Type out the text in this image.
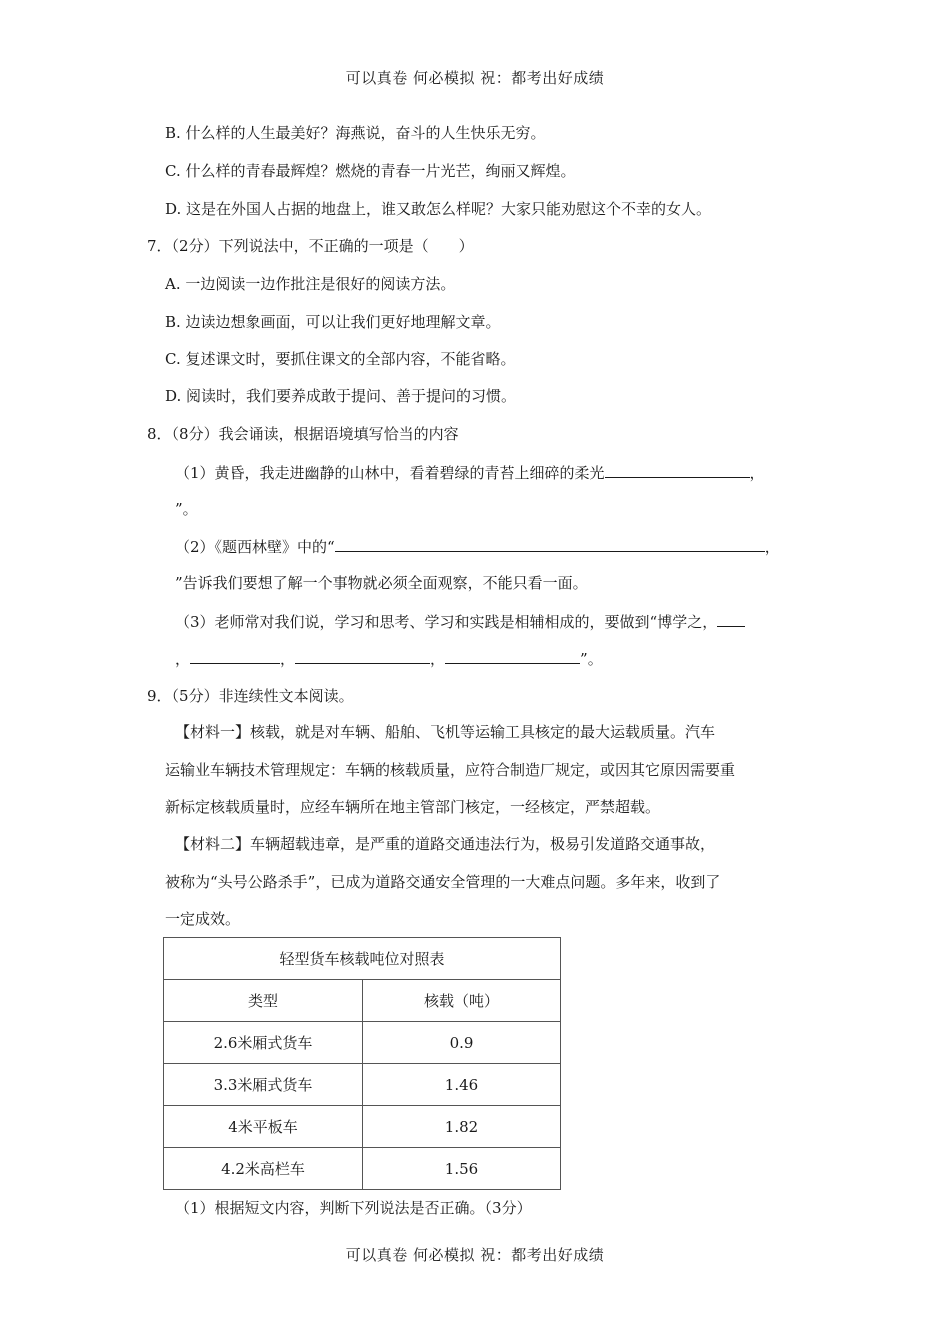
可以真卷 何必模拟 祝：都考出好成绩
B. 什么样的人生最美好？海燕说，奋斗的人生快乐无穷。
C. 什么样的青春最辉煌？燃烧的青春一片光芒，绚丽又辉煌。
D. 这是在外国人占据的地盘上，谁又敢怎么样呢？大家只能劝慰这个不幸的女人。
7．（2分）下列说法中，不正确的一项是（　　）
A. 一边阅读一边作批注是很好的阅读方法。
B. 边读边想象画面，可以让我们更好地理解文章。
C. 复述课文时，要抓住课文的全部内容，不能省略。
D. 阅读时，我们要养成敢于提问、善于提问的习惯。
8．（8分）我会诵读，根据语境填写恰当的内容
（1）黄昏，我走进幽静的山林中，看着碧绿的青苔上细碎的柔光	，
”。
（2）《题西林壁》中的“	，
”告诉我们要想了解一个事物就必须全面观察，不能只看一面。
（3）老师常对我们说，学习和思考、学习和实践是相辅相成的，要做到“博学之，
，	，	，	”。
9．（5分）非连续性文本阅读。
【材料一】核载，就是对车辆、船舶、飞机等运输工具核定的最大运载质量。汽车
运输业车辆技术管理规定：车辆的核载质量，应符合制造厂规定，或因其它原因需要重
新标定核载质量时，应经车辆所在地主管部门核定，一经核定，严禁超载。
【材料二】车辆超载违章，是严重的道路交通违法行为，极易引发道路交通事故，
被称为“头号公路杀手”，已成为道路交通安全管理的一大难点问题。多年来，收到了
一定成效。
轻型货车核载吨位对照表	
类型	核载（吨）
2.6米厢式货车	0.9
3.3米厢式货车	1.46
4米平板车	1.82
4.2米高栏车	1.56
（1）根据短文内容，判断下列说法是否正确。（3分）
可以真卷 何必模拟 祝：都考出好成绩
